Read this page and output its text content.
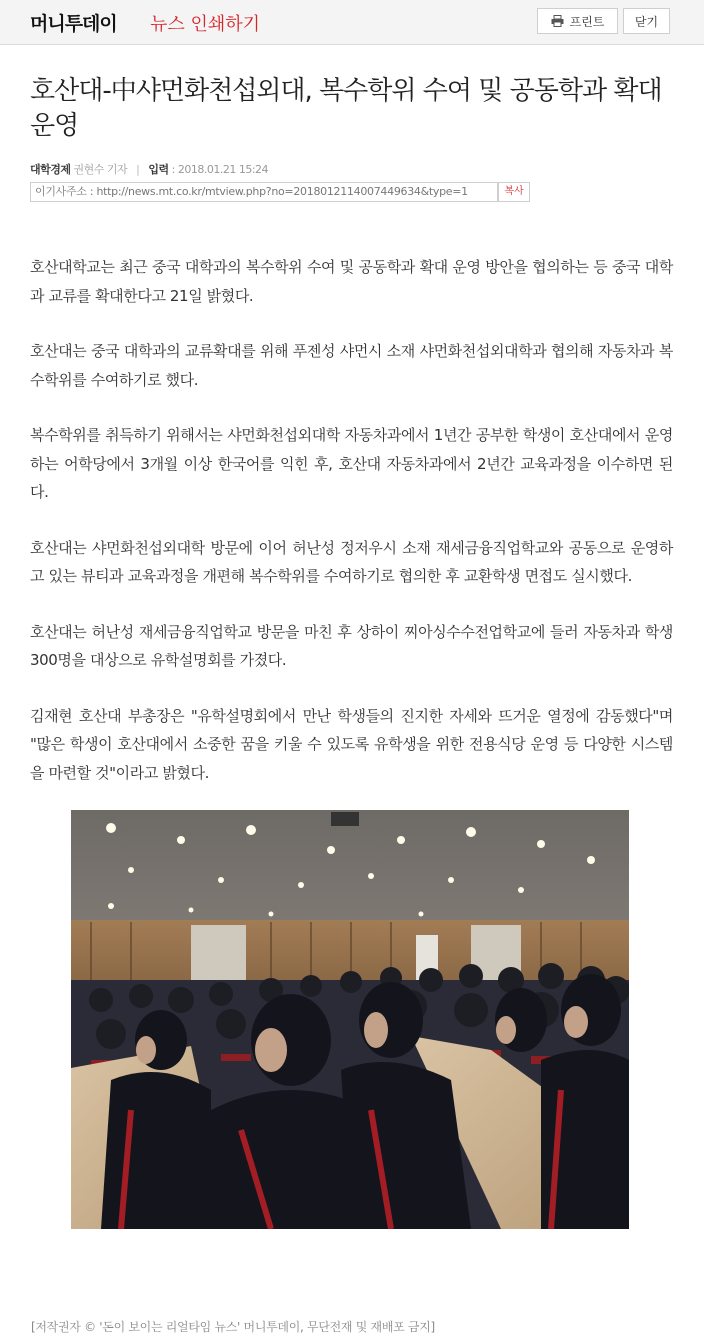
머니투데이 뉴스 인쇄하기	프린트	닫기
호산대-中샤먼화천섭외대, 복수학위 수여 및 공동학과 확대 운영
대학경제 권현수 기자 | 입력 : 2018.01.21 15:24
이기사주소 : http://news.mt.co.kr/mtview.php?no=2018012114007449634&type=1	복사

호산대학교는 최근 중국 대학과의 복수학위 수여 및 공동학과 확대 운영 방안을 협의하는 등 중국 대학과 교류를 확대한다고 21일 밝혔다.

호산대는 중국 대학과의 교류확대를 위해 푸젠성 샤먼시 소재 샤먼화천섭외대학과 협의해 자동차과 복수학위를 수여하기로 했다.

복수학위를 취득하기 위해서는 샤먼화천섭외대학 자동차과에서 1년간 공부한 학생이 호산대에서 운영하는 어학당에서 3개월 이상 한국어를 익힌 후, 호산대 자동차과에서 2년간 교육과정을 이수하면 된다.

호산대는 샤먼화천섭외대학 방문에 이어 허난성 정저우시 소재 재세금융직업학교와 공동으로 운영하고 있는 뷰티과 교육과정을 개편해 복수학위를 수여하기로 협의한 후 교환학생 면접도 실시했다.

호산대는 허난성 재세금융직업학교 방문을 마친 후 상하이 찌아싱수수전업학교에 들러 자동차과 학생 300명을 대상으로 유학설명회를 가졌다.

김재현 호산대 부총장은 "유학설명회에서 만난 학생들의 진지한 자세와 뜨거운 열정에 감동했다"며 "많은 학생이 호산대에서 소중한 꿈을 키울 수 있도록 유학생을 위한 전용식당 운영 등 다양한 시스템을 마련할 것"이라고 밝혔다.

[저작권자 © '돈이 보이는 리얼타임 뉴스' 머니투데이, 무단전재 및 재배포 금지]
